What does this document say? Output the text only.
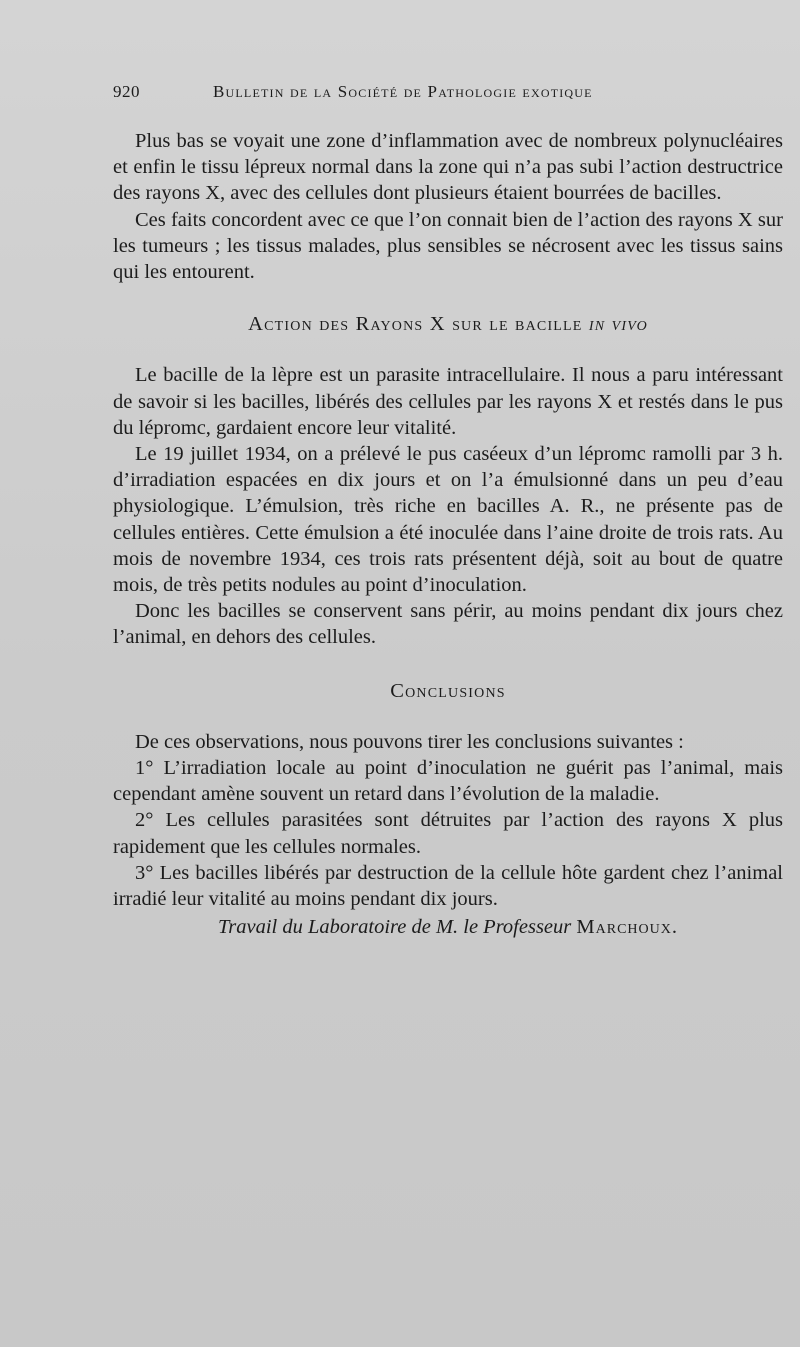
920	Bulletin de la Société de Pathologie exotique

Plus bas se voyait une zone d’inflammation avec de nombreux polynucléaires et enfin le tissu lépreux normal dans la zone qui n’a pas subi l’action destructrice des rayons X, avec des cellules dont plusieurs étaient bourrées de bacilles.

Ces faits concordent avec ce que l’on connait bien de l’action des rayons X sur les tumeurs ; les tissus malades, plus sensibles se nécrosent avec les tissus sains qui les entourent.

Action des Rayons X sur le bacille in vivo

Le bacille de la lèpre est un parasite intracellulaire. Il nous a paru intéressant de savoir si les bacilles, libérés des cellules par les rayons X et restés dans le pus du lépromc, gardaient encore leur vitalité.

Le 19 juillet 1934, on a prélevé le pus caséeux d’un lépromc ramolli par 3 h. d’irradiation espacées en dix jours et on l’a émulsionné dans un peu d’eau physiologique. L’émulsion, très riche en bacilles A. R., ne présente pas de cellules entières. Cette émulsion a été inoculée dans l’aine droite de trois rats. Au mois de novembre 1934, ces trois rats présentent déjà, soit au bout de quatre mois, de très petits nodules au point d’inoculation.

Donc les bacilles se conservent sans périr, au moins pendant dix jours chez l’animal, en dehors des cellules.

Conclusions

De ces observations, nous pouvons tirer les conclusions suivantes :

1° L’irradiation locale au point d’inoculation ne guérit pas l’animal, mais cependant amène souvent un retard dans l’évolution de la maladie.

2° Les cellules parasitées sont détruites par l’action des rayons X plus rapidement que les cellules normales.

3° Les bacilles libérés par destruction de la cellule hôte gardent chez l’animal irradié leur vitalité au moins pendant dix jours.

Travail du Laboratoire de M. le Professeur Marchoux.
